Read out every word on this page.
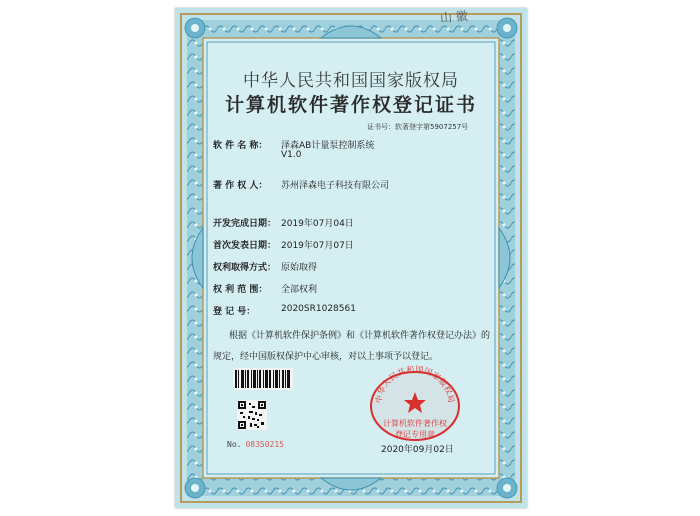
山 徽
中华人民共和国国家版权局
计算机软件著作权登记证书
证书号：软著登字第5907257号
软 件 名 称： 泽森AB计量泵控制系统
V1.0
著 作 权 人： 苏州泽森电子科技有限公司
开发完成日期： 2019年07月04日
首次发表日期： 2019年07月07日
权利取得方式： 原始取得
权 利 范 围： 全部权利
登 记 号：	2020SR1028561
根据《计算机软件保护条例》和《计算机软件著作权登记办法》的
规定，经中国版权保护中心审核，对以上事项予以登记。
No. 08350215
中华人民共和国国家版权局
计算机软件著作权
登记专用章
2020年09月02日
